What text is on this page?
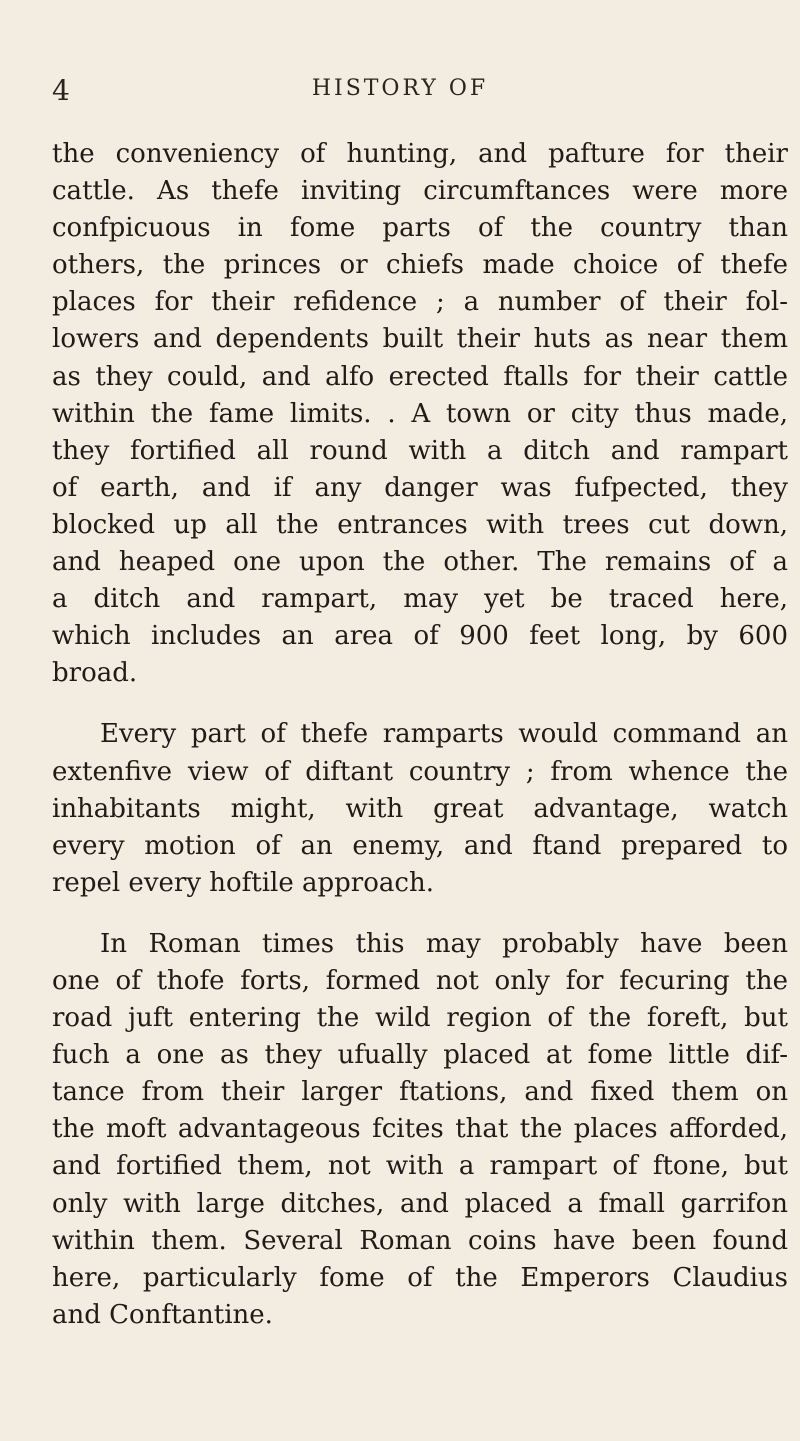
4	HISTORY OF
the conveniency of hunting, and pafture for their
cattle. As thefe inviting circumftances were more
confpicuous in fome parts of the country than
others, the princes or chiefs made choice of thefe
places for their refidence ; a number of their fol-
lowers and dependents built their huts as near them
as they could, and alfo erected ftalls for their cattle
within the fame limits. . A town or city thus made,
they fortified all round with a ditch and rampart
of earth, and if any danger was fufpected, they
blocked up all the entrances with trees cut down,
and heaped one upon the other. The remains of a
a ditch and rampart, may yet be traced here,
which includes an area of 900 feet long, by 600
broad.
Every part of thefe ramparts would command an
extenfive view of diftant country ; from whence the
inhabitants might, with great advantage, watch
every motion of an enemy, and ftand prepared to
repel every hoftile approach.
In Roman times this may probably have been
one of thofe forts, formed not only for fecuring the
road juft entering the wild region of the foreft, but
fuch a one as they ufually placed at fome little dif-
tance from their larger ftations, and fixed them on
the moft advantageous fcites that the places afforded,
and fortified them, not with a rampart of ftone, but
only with large ditches, and placed a fmall garrifon
within them. Several Roman coins have been found
here, particularly fome of the Emperors Claudius
and Conftantine.
